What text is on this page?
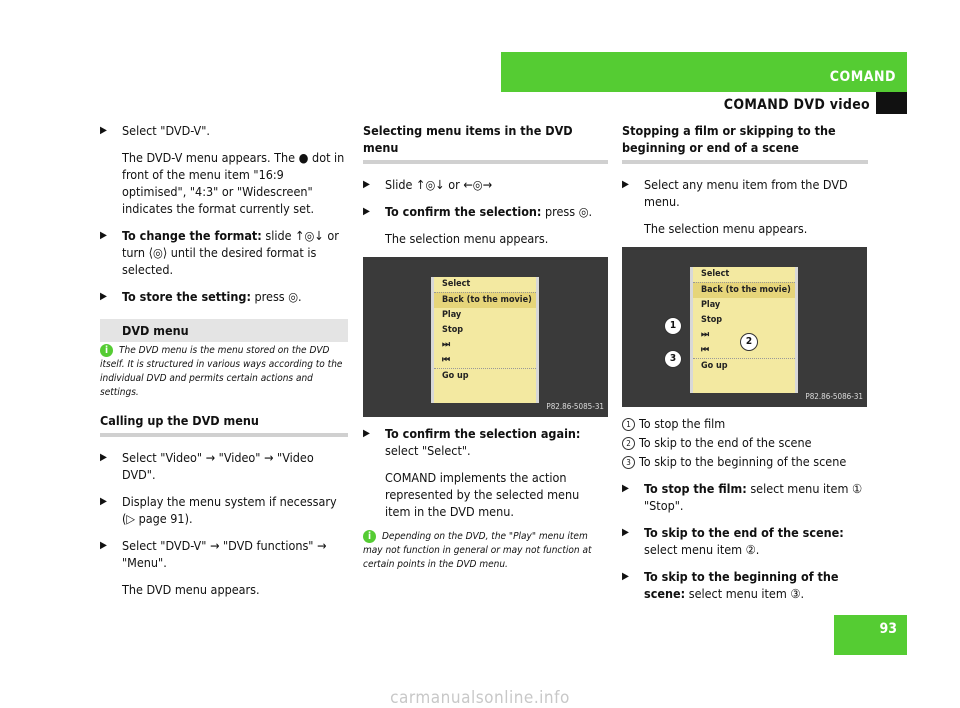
COMAND
COMAND DVD video
▶ Select "DVD-V".
The DVD-V menu appears. The ● dot in front of the menu item "16:9 optimised", "4:3" or "Widescreen" indicates the format currently set.
▶ To change the format: slide ↑◎↓ or turn ⟨◎⟩ until the desired format is selected.
▶ To store the setting: press ◎.
DVD menu
i The DVD menu is the menu stored on the DVD itself. It is structured in various ways according to the individual DVD and permits certain actions and settings.
Calling up the DVD menu
▶ Select "Video" → "Video" → "Video DVD".
▶ Display the menu system if necessary (▷ page 91).
▶ Select "DVD-V" → "DVD functions" → "Menu".
The DVD menu appears.
Selecting menu items in the DVD menu
▶ Slide ↑◎↓ or ←◎→
▶ To confirm the selection: press ◎.
The selection menu appears.
Select
Back (to the movie)
Play
Stop
⏭
⏮
Go up
P82.86-5085-31
▶ To confirm the selection again: select "Select".
COMAND implements the action represented by the selected menu item in the DVD menu.
i Depending on the DVD, the "Play" menu item may not function in general or may not function at certain points in the DVD menu.
Stopping a film or skipping to the beginning or end of a scene
▶ Select any menu item from the DVD menu.
The selection menu appears.
Select
Back (to the movie)
Play
Stop
⏭
⏮
Go up
1
2
3
P82.86-5086-31
1 To stop the film
2 To skip to the end of the scene
3 To skip to the beginning of the scene
▶ To stop the film: select menu item ① "Stop".
▶ To skip to the end of the scene: select menu item ②.
▶ To skip to the beginning of the scene: select menu item ③.
93
carmanualsonline.info
